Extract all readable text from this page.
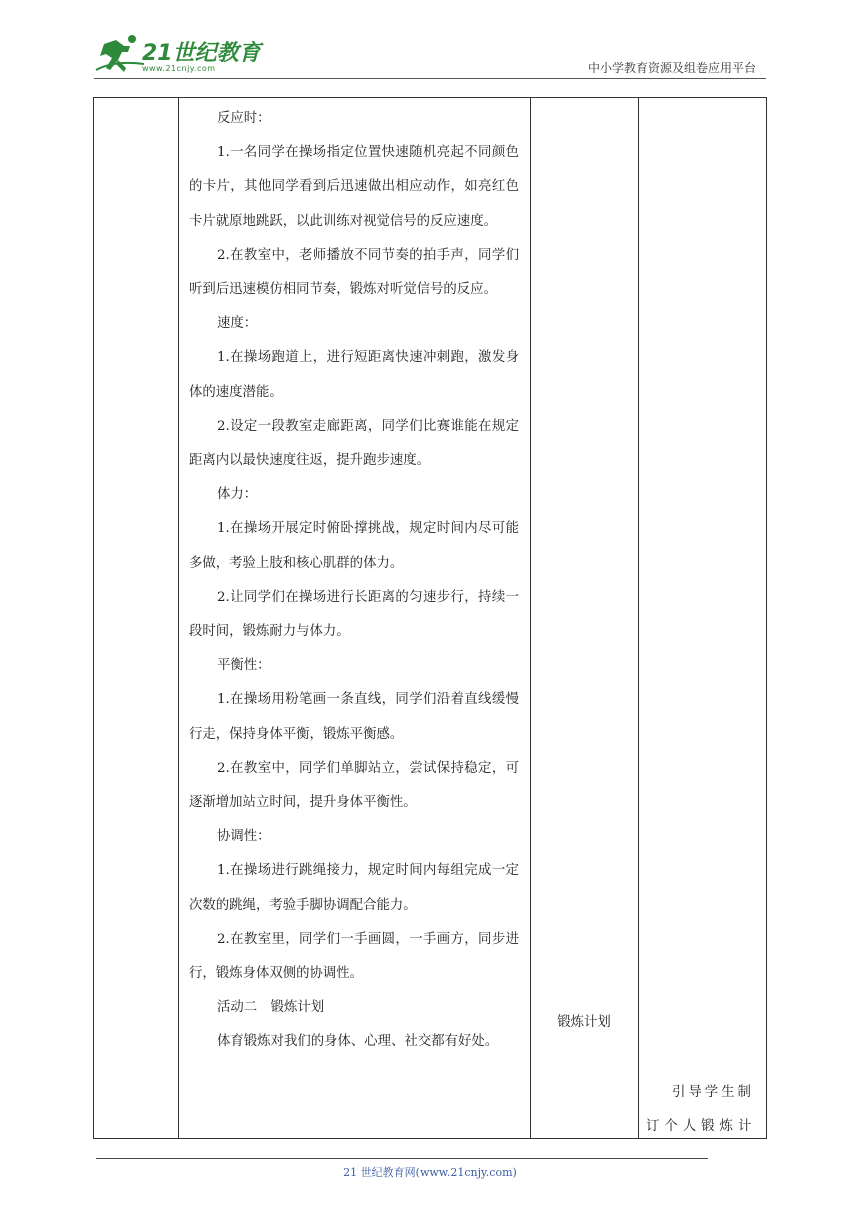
21世纪教育
www.21cnjy.com	中小学教育资源及组卷应用平台

反应时：

1.一名同学在操场指定位置快速随机亮起不同颜色的卡片，其他同学看到后迅速做出相应动作，如亮红色卡片就原地跳跃，以此训练对视觉信号的反应速度。

2.在教室中，老师播放不同节奏的拍手声，同学们听到后迅速模仿相同节奏，锻炼对听觉信号的反应。

速度：

1.在操场跑道上，进行短距离快速冲刺跑，激发身体的速度潜能。

2.设定一段教室走廊距离，同学们比赛谁能在规定距离内以最快速度往返，提升跑步速度。

体力：

1.在操场开展定时俯卧撑挑战，规定时间内尽可能多做，考验上肢和核心肌群的体力。

2.让同学们在操场进行长距离的匀速步行，持续一段时间，锻炼耐力与体力。

平衡性：

1.在操场用粉笔画一条直线，同学们沿着直线缓慢行走，保持身体平衡，锻炼平衡感。

2.在教室中，同学们单脚站立，尝试保持稳定，可逐渐增加站立时间，提升身体平衡性。

协调性：

1.在操场进行跳绳接力，规定时间内每组完成一定次数的跳绳，考验手脚协调配合能力。

2.在教室里，同学们一手画圆，一手画方，同步进行，锻炼身体双侧的协调性。

活动二　锻炼计划

体育锻炼对我们的身体、心理、社交都有好处。

锻炼计划
引导学生制
订个人锻炼计
21 世纪教育网(www.21cnjy.com)
